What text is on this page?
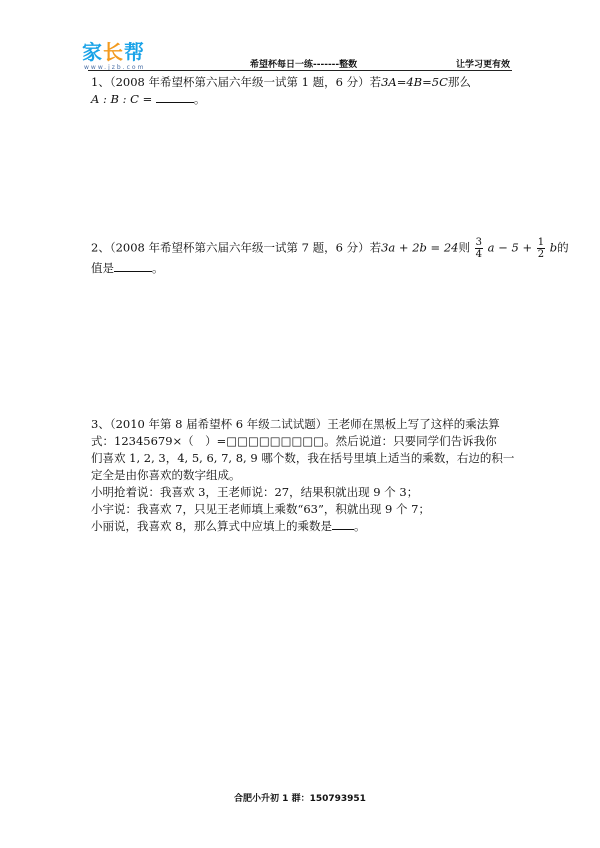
家长帮
www.jzb.com	希望杯每日一练-------整数	让学习更有效
1、（2008 年希望杯第六届六年级一试第 1 题，6 分）若3A=4B=5C那么
A : B : C =	。
2、（2008 年希望杯第六届六年级一试第 7 题，6 分）若3a + 2b = 24则 $\frac{3}{4}$ $a - 5 + \frac{1}{2}$ b的
值是	。
3、（2010 年第 8 届希望杯 6 年级二试试题）王老师在黑板上写了这样的乘法算
式：12345679×（　）=□□□□□□□□□。然后说道：只要同学们告诉我你
们喜欢 1, 2, 3，4, 5, 6, 7, 8, 9 哪个数，我在括号里填上适当的乘数，右边的积一
定全是由你喜欢的数字组成。
小明抢着说：我喜欢 3，王老师说：27，结果积就出现 9 个 3；
小宇说：我喜欢 7，只见王老师填上乘数“63”，积就出现 9 个 7；
小丽说，我喜欢 8，那么算式中应填上的乘数是 。
合肥小升初 1 群：150793951
